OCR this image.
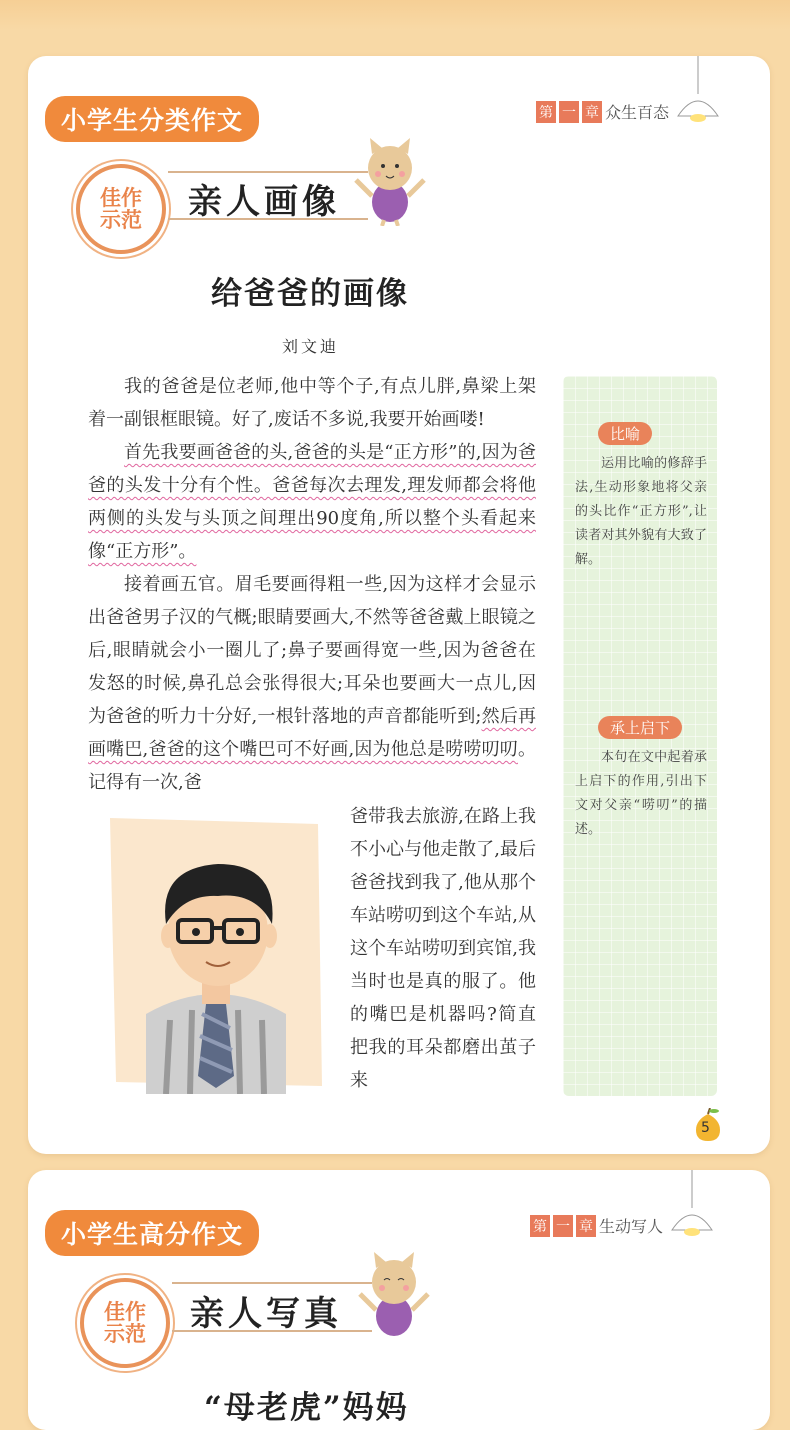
小学生分类作文	第 一 章 众生百态
佳作
示范 亲人画像
给爸爸的画像
刘文迪

我的爸爸是位老师,他中等个子,有点儿胖,鼻梁上架着一副银框眼镜。好了,废话不多说,我要开始画喽!

首先我要画爸爸的头,爸爸的头是“正方形”的,因为爸爸的头发十分有个性。爸爸每次去理发,理发师都会将他两侧的头发与头顶之间理出90度角,所以整个头看起来像“正方形”。

接着画五官。眉毛要画得粗一些,因为这样才会显示出爸爸男子汉的气概;眼睛要画大,不然等爸爸戴上眼镜之后,眼睛就会小一圈儿了;鼻子要画得宽一些,因为爸爸在发怒的时候,鼻孔总会张得很大;耳朵也要画大一点儿,因为爸爸的听力十分好,一根针落地的声音都能听到;然后再画嘴巴,爸爸的这个嘴巴可不好画,因为他总是唠唠叨叨。记得有一次,爸

爸带我去旅游,在路上我不小心与他走散了,最后爸爸找到我了,他从那个车站唠叨到这个车站,从这个车站唠叨到宾馆,我当时也是真的服了。他的嘴巴是机器吗?简直把我的耳朵都磨出茧子来

比喻

运用比喻的修辞手法,生动形象地将父亲的头比作“正方形”,让读者对其外貌有大致了解。

承上启下

本句在文中起着承上启下的作用,引出下文对父亲“唠叨”的描述。

5
小学生高分作文	第 一 章 生动写人
佳作
示范 亲人写真
“母老虎”妈妈
